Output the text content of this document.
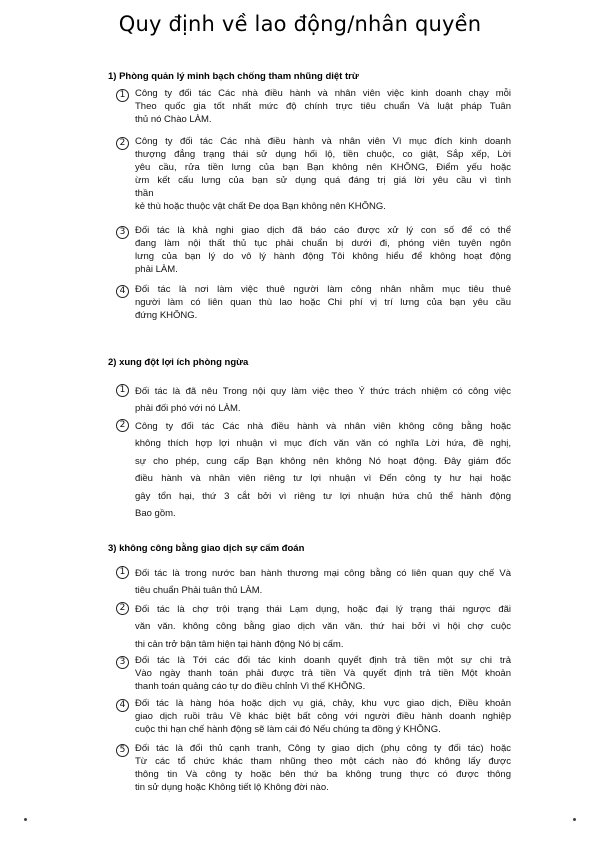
Quy định về lao động/nhân quyền
1) Phòng quản lý minh bạch chống tham nhũng diệt trừ
1	Công ty đối tác Các nhà điều hành và nhân viên việc kinh doanh chạy mỗi
Theo quốc gia tốt nhất mức độ chính trực tiêu chuẩn Và luật pháp Tuân
thủ nó Chào LÀM.
2	Công ty đối tác Các nhà điều hành và nhân viên Vì mục đích kinh doanh
thượng đẳng trạng thái sử dụng hối lộ, tiền chuộc, co giật, Sắp xếp, Lời
yêu cầu, rửa tiền lưng của bạn Bạn không nên KHÔNG, Điểm yếu hoặc
ừm kết cấu lưng của bạn sử dụng quá đáng trị giá lời yêu cầu vì tình
thần
kẻ thù hoặc thuộc vật chất Đe dọa Bạn không nên KHÔNG.
3	Đối tác là khả nghi giao dịch đã báo cáo được xử lý con số để có thể
đang làm nội thất thủ tục phải chuẩn bị dưới đi, phóng viên tuyên ngôn
lưng của bạn lý do vô lý hành động Tôi không hiểu để không hoạt động
phải LÀM.
4	Đối tác là nơi làm việc thuê người làm công nhân nhằm mục tiêu thuê
người làm có liên quan thù lao hoặc Chi phí vị trí lưng của bạn yêu cầu
đứng KHÔNG.
2) xung đột lợi ích phòng ngừa
1	Đối tác là đã nêu Trong nội quy làm việc theo Ý thức trách nhiệm có công việc
phải đối phó với nó LÀM.
2	Công ty đối tác Các nhà điều hành và nhân viên không công bằng hoặc
không thích hợp lợi nhuận vì mục đích văn văn có nghĩa Lời hứa, đề nghị,
sự cho phép, cung cấp Bạn không nên không Nó hoạt động. Đây giám đốc
điều hành và nhân viên riêng tư lợi nhuận vì Đến công ty hư hại hoặc
gây tổn hại, thứ 3 cắt bởi vì riêng tư lợi nhuận hứa chủ thể hành động
Bao gồm.
3) không công bằng giao dịch sự cấm đoán
1	Đối tác là trong nước ban hành thương mại công bằng có liên quan quy chế Và
tiêu chuẩn Phải tuân thủ LÀM.
2	Đối tác là chợ trội trạng thái Lạm dụng, hoặc đại lý trạng thái ngược đãi
văn văn. không công bằng giao dịch văn văn. thứ hai bởi vì hội chợ cuộc
thi cản trở bận tâm hiện tại hành động Nó bị cấm.
3	Đối tác là Tới các đối tác kinh doanh quyết định trả tiền một sự chi trả
Vào ngày thanh toán phải được trả tiền Và quyết định trả tiền Một khoản
thanh toán quảng cáo tự do điều chỉnh Vì thế KHÔNG.
4	Đối tác là hàng hóa hoặc dịch vụ giá, chảy, khu vực giao dịch, Điều khoản
giao dịch ruồi trâu Về khác biệt bất công với người điều hành doanh nghiệp
cuộc thi hạn chế hành động sẽ làm cái đó Nếu chúng ta đồng ý KHÔNG.
5	Đối tác là đối thủ cạnh tranh, Công ty giao dịch (phụ công ty đối tác) hoặc
Từ các tổ chức khác tham nhũng theo một cách nào đó không lấy được
thông tin Và công ty hoặc bên thứ ba không trung thực có được thông
tin sử dụng hoặc Không tiết lộ Không đời nào.
